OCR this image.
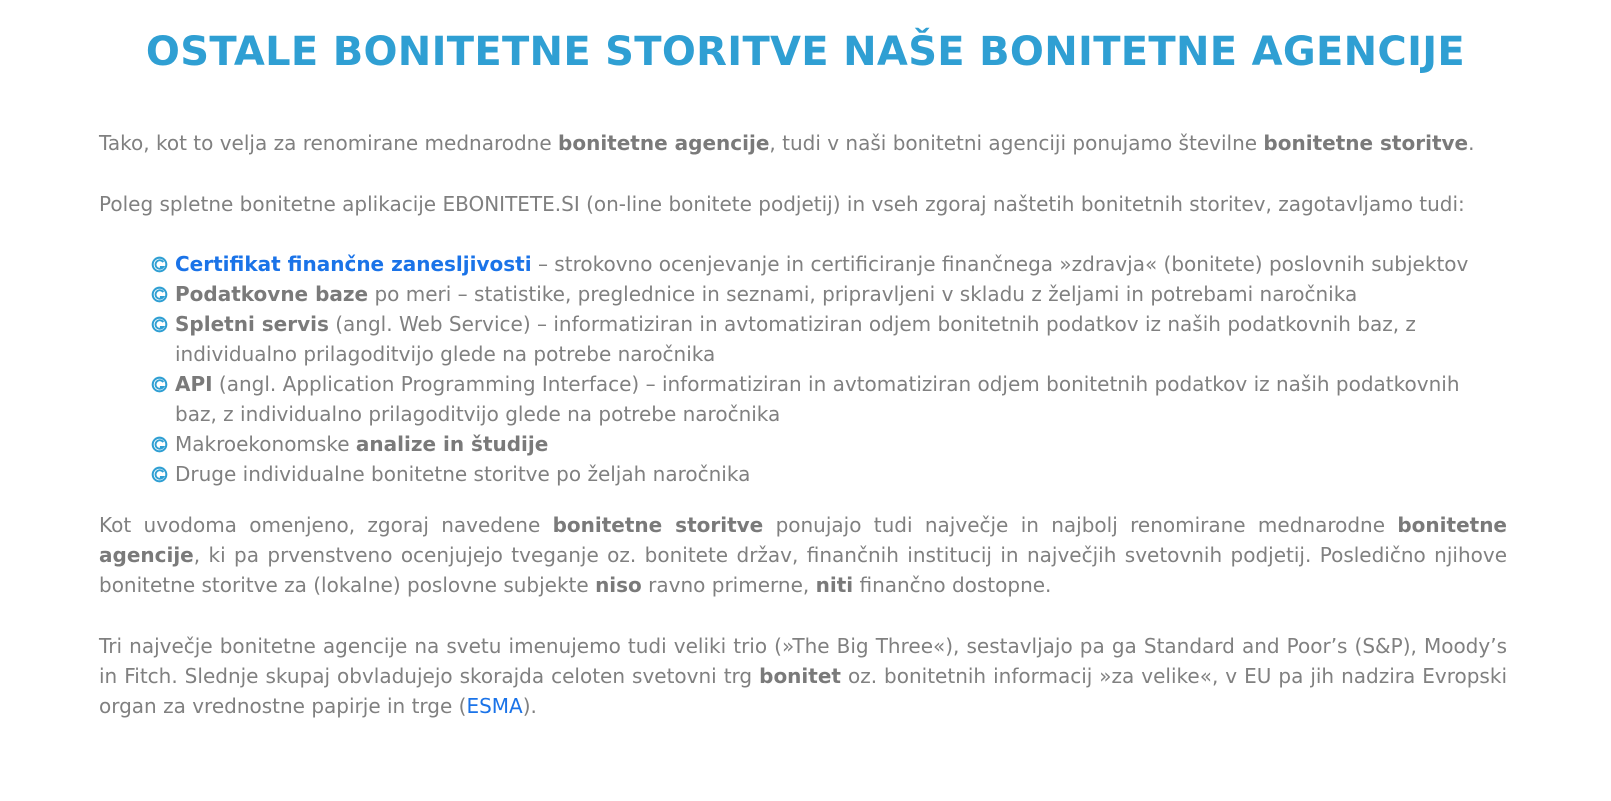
OSTALE BONITETNE STORITVE NAŠE BONITETNE AGENCIJE

Tako, kot to velja za renomirane mednarodne bonitetne agencije, tudi v naši bonitetni agenciji ponujamo številne bonitetne storitve.

Poleg spletne bonitetne aplikacije EBONITETE.SI (on-line bonitete podjetij) in vseh zgoraj naštetih bonitetnih storitev, zagotavljamo tudi:

Certifikat finančne zanesljivosti – strokovno ocenjevanje in certificiranje finančnega »zdravja« (bonitete) poslovnih subjektov
Podatkovne baze po meri – statistike, preglednice in seznami, pripravljeni v skladu z željami in potrebami naročnika
Spletni servis (angl. Web Service) – informatiziran in avtomatiziran odjem bonitetnih podatkov iz naših podatkovnih baz, z individualno prilagoditvijo glede na potrebe naročnika
API (angl. Application Programming Interface) – informatiziran in avtomatiziran odjem bonitetnih podatkov iz naših podatkovnih baz, z individualno prilagoditvijo glede na potrebe naročnika
Makroekonomske analize in študije
Druge individualne bonitetne storitve po željah naročnika

Kot uvodoma omenjeno, zgoraj navedene bonitetne storitve ponujajo tudi največje in najbolj renomirane mednarodne bonitetne agencije, ki pa prvenstveno ocenjujejo tveganje oz. bonitete držav, finančnih institucij in največjih svetovnih podjetij. Posledično njihove bonitetne storitve za (lokalne) poslovne subjekte niso ravno primerne, niti finančno dostopne.

Tri največje bonitetne agencije na svetu imenujemo tudi veliki trio (»The Big Three«), sestavljajo pa ga Standard and Poor’s (S&P), Moody’s in Fitch. Slednje skupaj obvladujejo skorajda celoten svetovni trg bonitet oz. bonitetnih informacij »za velike«, v EU pa jih nadzira Evropski organ za vrednostne papirje in trge (ESMA).
